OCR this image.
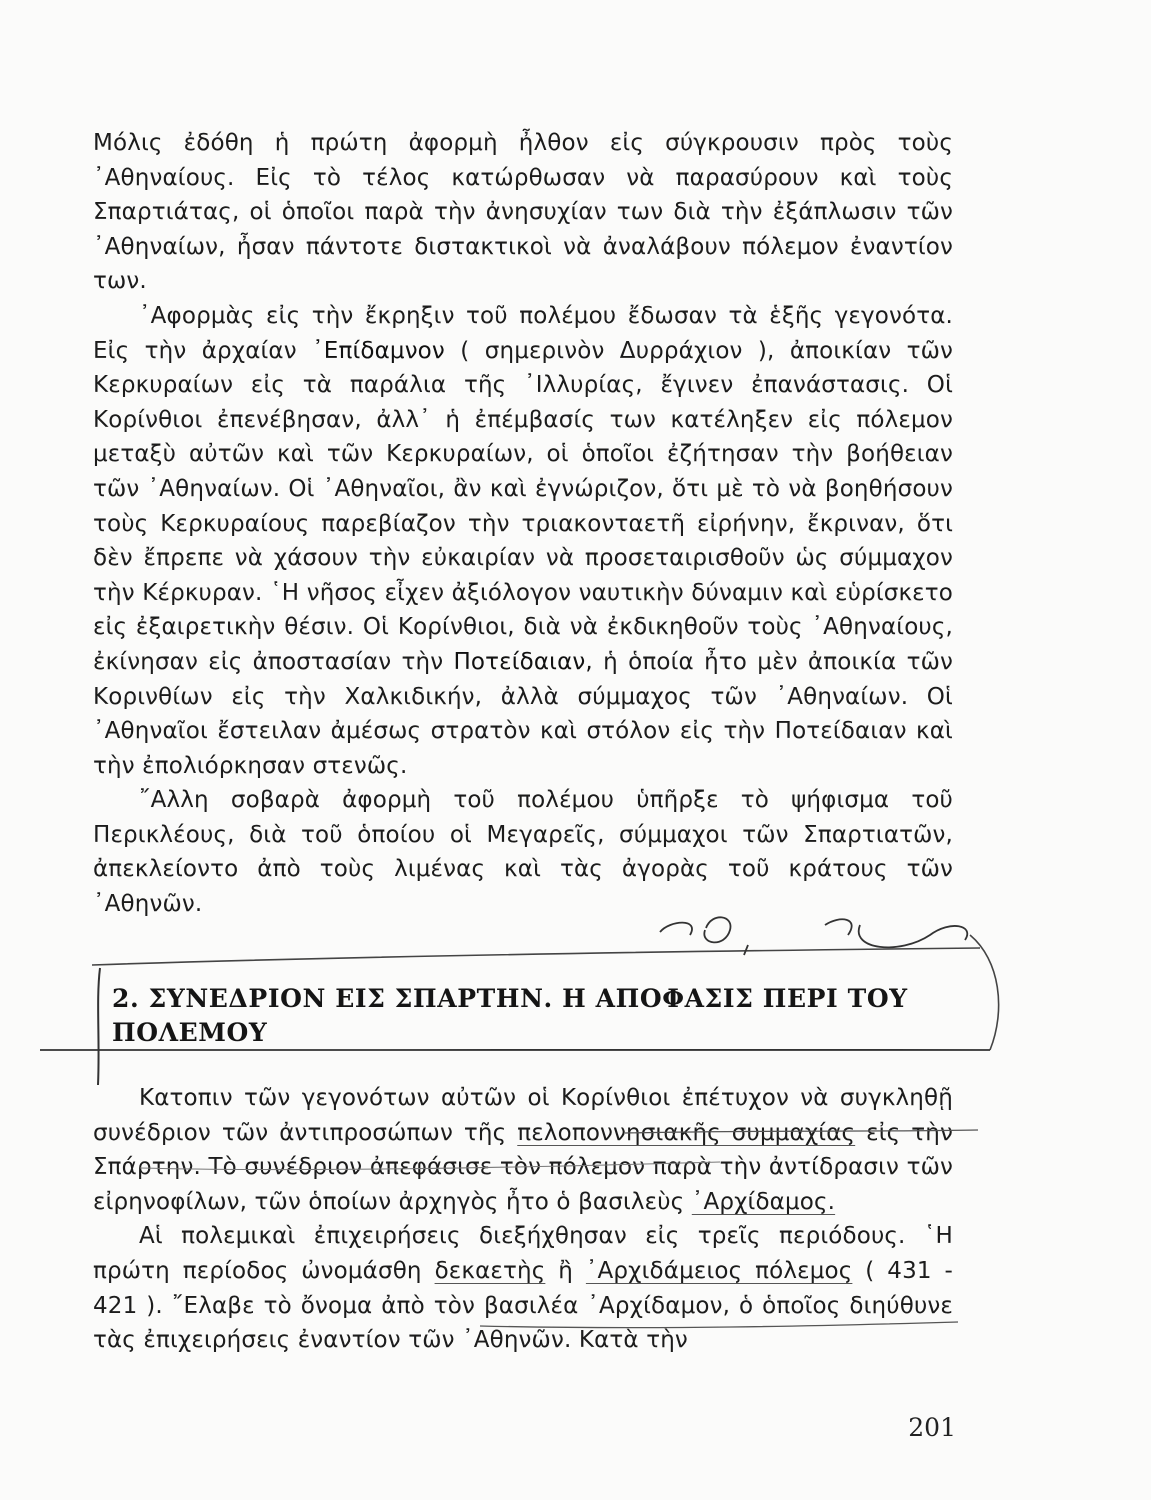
Μόλις ἐδόθη ἡ πρώτη ἀφορμὴ ἦλθον εἰς σύγκρουσιν πρὸς τοὺς ᾿Αθηναίους. Εἰς τὸ τέλος κατώρθωσαν νὰ παρασύρουν καὶ τοὺς Σπαρτιάτας, οἱ ὁποῖοι παρὰ τὴν ἀνησυχίαν των διὰ τὴν ἐξάπλωσιν τῶν ᾿Αθηναίων, ἦσαν πάντοτε διστακτικοὶ νὰ ἀναλάβουν πόλεμον ἐναντίον των.

᾿Αφορμὰς εἰς τὴν ἔκρηξιν τοῦ πολέμου ἔδωσαν τὰ ἑξῆς γεγονότα. Εἰς τὴν ἀρχαίαν ᾿Επίδαμνον ( σημερινὸν Δυρράχιον ), ἀποικίαν τῶν Κερκυραίων εἰς τὰ παράλια τῆς ᾿Ιλλυρίας, ἔγινεν ἐπανάστασις. Οἱ Κορίνθιοι ἐπενέβησαν, ἀλλ᾿ ἡ ἐπέμβασίς των κατέληξεν εἰς πόλεμον μεταξὺ αὐτῶν καὶ τῶν Κερκυραίων, οἱ ὁποῖοι ἐζήτησαν τὴν βοήθειαν τῶν ᾿Αθηναίων. Οἱ ᾿Αθηναῖοι, ἂν καὶ ἐγνώριζον, ὅτι μὲ τὸ νὰ βοηθήσουν τοὺς Κερκυραίους παρεβίαζον τὴν τριακονταετῆ εἰρήνην, ἔκριναν, ὅτι δὲν ἔπρεπε νὰ χάσουν τὴν εὐκαιρίαν νὰ προσεταιρισθοῦν ὡς σύμμαχον τὴν Κέρκυραν. ῾Η νῆσος εἶχεν ἀξιόλογον ναυτικὴν δύναμιν καὶ εὑρίσκετο εἰς ἐξαιρετικὴν θέσιν. Οἱ Κορίνθιοι, διὰ νὰ ἐκδικηθοῦν τοὺς ᾿Αθηναίους, ἐκίνησαν εἰς ἀποστασίαν τὴν Ποτείδαιαν, ἡ ὁποία ἦτο μὲν ἀποικία τῶν Κορινθίων εἰς τὴν Χαλκιδικήν, ἀλλὰ σύμμαχος τῶν ᾿Αθηναίων. Οἱ ᾿Αθηναῖοι ἔστειλαν ἀμέσως στρατὸν καὶ στόλον εἰς τὴν Ποτείδαιαν καὶ τὴν ἐπολιόρκησαν στενῶς.

῎Αλλη σοβαρὰ ἀφορμὴ τοῦ πολέμου ὑπῆρξε τὸ ψήφισμα τοῦ Περικλέους, διὰ τοῦ ὁποίου οἱ Μεγαρεῖς, σύμμαχοι τῶν Σπαρτιατῶν, ἀπεκλείοντο ἀπὸ τοὺς λιμένας καὶ τὰς ἀγορὰς τοῦ κράτους τῶν ᾿Αθηνῶν.

2. ΣΥΝΕΔΡΙΟΝ ΕΙΣ ΣΠΑΡΤΗΝ. Η ΑΠΟΦΑΣΙΣ ΠΕΡΙ ΤΟΥ ΠΟΛΕΜΟΥ

Κατοπιν τῶν γεγονότων αὐτῶν οἱ Κορίνθιοι ἐπέτυχον νὰ συγκληθῇ συνέδριον τῶν ἀντιπροσώπων τῆς πελοποννησιακῆς συμμαχίας εἰς τὴν Σπάρτην. Τὸ συνέδριον ἀπεφάσισε τὸν πόλεμον παρὰ τὴν ἀντίδρασιν τῶν εἰρηνοφίλων, τῶν ὁποίων ἀρχηγὸς ἦτο ὁ βασιλεὺς ᾿Αρχίδαμος.

Αἱ πολεμικαὶ ἐπιχειρήσεις διεξήχθησαν εἰς τρεῖς περιόδους. ῾Η πρώτη περίοδος ὠνομάσθη δεκαετὴς ἢ ᾿Αρχιδάμειος πόλεμος ( 431 - 421 ). ῎Ελαβε τὸ ὄνομα ἀπὸ τὸν βασιλέα ᾿Αρχίδαμον, ὁ ὁποῖος διηύθυνε τὰς ἐπιχειρήσεις ἐναντίον τῶν ᾿Αθηνῶν. Κατὰ τὴν

201
